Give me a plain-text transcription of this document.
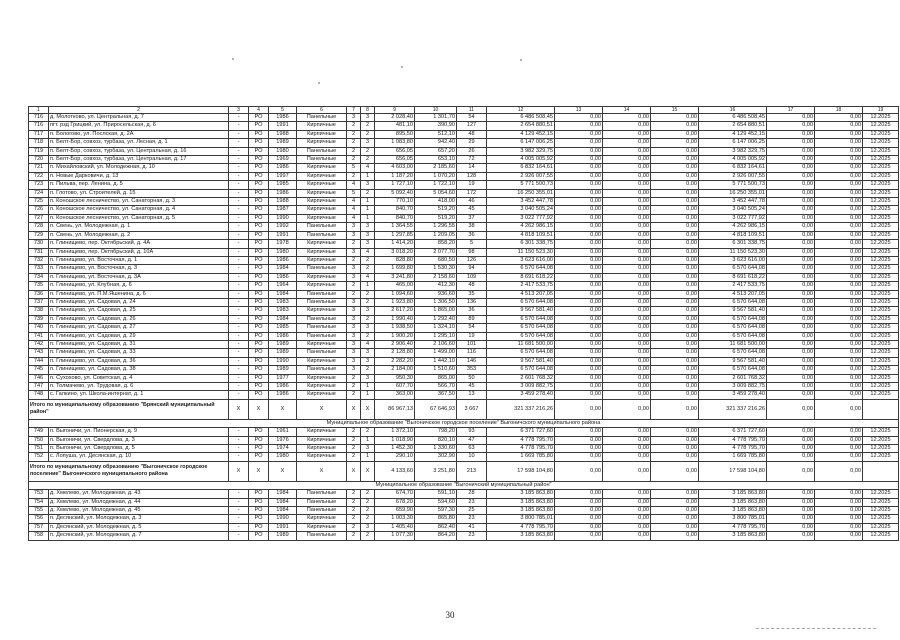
1	2	3	4	5	6	7	8	9	10	11	12	13	14	15	16	17	18	19
716	д. Молотково, ул. Центральная, д. 7	-	РО	1986	Панельные	3	3	2 028,40	1 301,70	54	6 486 508,45	0,00	0,00	0,00	6 486 508,45	0,00	0,00	12.2025
716	пгт. рзд Грицкий, ул. Приросельская, д. 6	-	РО	1991	Кирпичные	2	2	481,10	390,90	127	2 654 880,51	0,00	0,00	0,00	2 654 880,51	0,00	0,00	12.2025
717	п. Бологово, ул. Послская, д. 2А	-	РО	1988	Кирпичные	2	2	895,50	512,10	48	4 129 452,15	0,00	0,00	0,00	4 129 452,15	0,00	0,00	12.2025
718	п. Белт-Бор, совхоз, турбаза, ул. Лесная, д. 1	-	РО	1989	Кирпичные	2	3	1 083,80	942,40	29	6 147 006,25	0,00	0,00	0,00	6 147 006,25	0,00	0,00	12.2025
719	п. Белт-Бор, совхоз, турбаза, ул. Центральная, д. 16	-	РО	1980	Панельные	2	2	656,05	657,20	26	3 982 329,75	0,00	0,00	0,00	3 982 329,75	0,00	0,00	12.2025
720	п. Белт-Бор, совхоз, турбаза, ул. Центральная, д. 17	-	РО	1969	Панельные	2	2	656,05	653,10	72	4 005 005,92	0,00	0,00	0,00	4 005 005,92	0,00	0,00	12.2025
721	п. Михайловский, ул. Молодежная, д. 10	-	РО	1986	Кирпичные	5	4	4 603,00	2 185,60	14	6 832 164,61	0,00	0,00	0,00	6 832 164,61	0,00	0,00	12.2025
722	п. Новые Дарковичи, д. 13	-	РО	1997	Кирпичные	2	1	1 187,20	1 070,20	128	2 926 007,55	0,00	0,00	0,00	2 926 007,55	0,00	0,00	12.2025
723	п. Пильва, пер. Ленина, д. 5	-	РО	1985	Кирпичные	4	3	1 727,10	1 722,10	19	5 771 500,73	0,00	0,00	0,00	5 771 500,73	0,00	0,00	12.2025
724	п. Глотово, ул. Строителей, д. 15	-	РО	1986	Кирпичные	5	2	5 092,40	5 054,60	172	16 250 355,01	0,00	0,00	0,00	16 250 355,01	0,00	0,00	12.2025
725	п. Коношское лесничество, ул. Санаторная, д. 3	-	РО	1988	Кирпичные	4	1	770,10	418,00	46	3 452 447,78	0,00	0,00	0,00	3 452 447,78	0,00	0,00	12.2025
726	п. Коношское лесничество, ул. Санаторная, д. 4	-	РО	1987	Кирпичные	4	1	840,70	519,20	45	3 040 505,24	0,00	0,00	0,00	3 040 505,24	0,00	0,00	12.2025
727	п. Коношское лесничество, ул. Санаторная, д. 5	-	РО	1990	Кирпичные	4	1	840,70	519,20	37	3 022 777,92	0,00	0,00	0,00	3 022 777,92	0,00	0,00	12.2025
728	п. Свень, ул. Молодежная, д. 1	-	РО	1992	Панельные	3	3	1 364,55	1 296,55	38	4 262 986,15	0,00	0,00	0,00	4 262 986,15	0,00	0,00	12.2025
729	п. Свень, ул. Молодежная, д. 2	-	РО	1991	Панельные	3	3	1 297,85	1 209,05	36	4 818 109,51	0,00	0,00	0,00	4 818 109,51	0,00	0,00	12.2025
730	п. Глинищево, пер. Октябрьский, д. 4А	-	РО	1978	Кирпичные	2	3	1 414,20	858,20	5	6 301 338,75	0,00	0,00	0,00	6 301 338,75	0,00	0,00	12.2025
731	п. Глинищево, пер. Октябрьский, д. 10А	-	РО	1980	Кирпичные	3	4	3 018,20	2 077,70	98	11 150 523,30	0,00	0,00	0,00	11 150 523,30	0,00	0,00	12.2025
732	п. Глинищево, ул. Восточная, д. 1	-	РО	1986	Кирпичные	2	2	828,80	680,50	126	3 623 616,00	0,00	0,00	0,00	3 623 616,00	0,00	0,00	12.2025
733	п. Глинищево, ул. Восточная, д. 3	-	РО	1984	Панельные	3	2	1 699,80	1 530,30	94	6 570 644,08	0,00	0,00	0,00	6 570 644,08	0,00	0,00	12.2025
734	п. Глинищево, ул. Восточная, д. 3А	-	РО	1986	Кирпичные	3	4	3 241,80	2 158,60	109	8 691 618,22	0,00	0,00	0,00	8 691 618,22	0,00	0,00	12.2025
735	п. Глинищево, ул. Клубная, д. 6	-	РО	1964	Кирпичные	2	1	465,00	412,30	48	2 417 533,75	0,00	0,00	0,00	2 417 533,75	0,00	0,00	12.2025
736	п. Глинищево, ул. П.М.Яшенина, д. 6	-	РО	1984	Панельные	2	2	1 094,60	936,60	35	4 513 207,05	0,00	0,00	0,00	4 513 207,05	0,00	0,00	12.2025
737	п. Глинищево, ул. Садовая, д. 24	-	РО	1983	Панельные	3	2	1 923,80	1 306,50	136	6 570 644,08	0,00	0,00	0,00	6 570 644,08	0,00	0,00	12.2025
738	п. Глинищево, ул. Садовая, д. 25	-	РО	1983	Кирпичные	3	3	2 617,20	1 865,00	36	9 567 581,40	0,00	0,00	0,00	9 567 581,40	0,00	0,00	12.2025
739	п. Глинищево, ул. Садовая, д. 26	-	РО	1984	Панельные	3	2	1 990,40	1 292,40	89	6 570 644,08	0,00	0,00	0,00	6 570 644,08	0,00	0,00	12.2025
740	п. Глинищево, ул. Садовая, д. 27	-	РО	1985	Панельные	3	3	1 938,50	1 324,10	54	6 570 644,08	0,00	0,00	0,00	6 570 644,08	0,00	0,00	12.2025
741	п. Глинищево, ул. Садовая, д. 29	-	РО	1986	Панельные	3	2	1 900,20	1 295,10	19	6 570 644,08	0,00	0,00	0,00	6 570 644,08	0,00	0,00	12.2025
742	п. Глинищево, ул. Садовая, д. 31	-	РО	1989	Кирпичные	3	4	2 906,40	2 106,60	101	11 681 500,00	0,00	0,00	0,00	11 681 500,00	0,00	0,00	12.2025
743	п. Глинищево, ул. Садовая, д. 33	-	РО	1989	Панельные	3	3	2 128,80	1 499,00	116	6 570 644,08	0,00	0,00	0,00	6 570 644,08	0,00	0,00	12.2025
744	п. Глинищево, ул. Садовая, д. 36	-	РО	1990	Кирпичные	3	3	2 282,20	1 442,10	146	9 567 581,40	0,00	0,00	0,00	9 567 581,40	0,00	0,00	12.2025
745	п. Глинищево, ул. Садовая, д. 38	-	РО	1989	Панельные	3	2	2 184,00	1 510,60	353	6 570 644,08	0,00	0,00	0,00	6 570 644,08	0,00	0,00	12.2025
746	п. Сухохово, ул. Советская, д. 4	-	РО	1977	Кирпичные	2	3	950,30	865,00	50	2 601 768,32	0,00	0,00	0,00	2 601 768,32	0,00	0,00	12.2025
747	п. Толмачево, ул. Трудовая, д. 6	-	РО	1986	Кирпичные	2	1	607,70	566,70	45	3 009 882,75	0,00	0,00	0,00	3 009 882,75	0,00	0,00	12.2025
748	с. Галкино, ул. Школа-интернат, д. 1	-	РО	1986	Кирпичные	2	1	363,00	367,50	13	3 459 278,40	0,00	0,00	0,00	3 459 278,40	0,00	0,00	12.2025
Итого по муниципальному образованию "Брянский муниципальный район"		X	X	X	X	X	X	86 967,13	67 646,93	3 667	321 337 216,26	0,00	0,00	0,00	321 337 216,26	0,00	0,00	
Муниципальное образование "Выгоничское городское поселение" Выгоничского муниципального района																		
749	п. Выгоничи, ул. Пионерская, д. 9	-	РО	1961	Кирпичные	2	2	1 372,10	798,20	93	6 371 727,60	0,00	0,00	0,00	6 371 727,60	0,00	0,00	12.2025
750	п. Выгоничи, ул. Свердлова, д. 3	-	РО	1976	Кирпичные	2	1	1 018,90	820,10	47	4 778 795,70	0,00	0,00	0,00	4 778 795,70	0,00	0,00	12.2025
751	п. Выгоничи, ул. Свердлова, д. 5	-	РО	1974	Кирпичные	2	3	1 452,30	1 330,60	63	4 778 795,70	0,00	0,00	0,00	4 778 795,70	0,00	0,00	12.2025
752	с. Лопуша, ул. Десянская, д. 10	-	РО	1980	Кирпичные	2	1	290,10	302,90	10	1 669 785,80	0,00	0,00	0,00	1 669 785,80	0,00	0,00	12.2025
Итого по муниципальному образованию "Выгоничское городское поселение" Выгоничского муниципального района		X	X	X	X	X	X	4 133,60	3 251,80	213	17 598 104,80	0,00	0,00	0,00	17 598 104,80	0,00	0,00	
Муниципальное образование "Выгоничский муниципальный район"																		
753	д. Хмелево, ул. Молодежная, д. 43	-	РО	1984	Панельные	2	2	674,70	591,10	28	3 185 863,80	0,00	0,00	0,00	3 185 863,80	0,00	0,00	12.2025
754	д. Хмелево, ул. Молодежная, д. 44	-	РО	1984	Панельные	2	2	678,20	594,60	23	3 185 863,80	0,00	0,00	0,00	3 185 863,80	0,00	0,00	12.2025
755	д. Хмелево, ул. Молодежная, д. 45	-	РО	1984	Панельные	2	2	659,90	597,30	25	3 185 863,80	0,00	0,00	0,00	3 185 863,80	0,00	0,00	12.2025
756	п. Десянский, ул. Молодежная, д. 3	-	РО	1990	Кирпичные	2	2	1 003,30	865,80	23	3 800 785,01	0,00	0,00	0,00	3 800 785,01	0,00	0,00	12.2025
757	п. Десянский, ул. Молодежная, д. 5	-	РО	1991	Кирпичные	2	3	1 405,40	862,40	41	4 778 795,70	0,00	0,00	0,00	4 778 795,70	0,00	0,00	12.2025
758	п. Десянский, ул. Молодежная, д. 7	-	РО	1989	Панельные	2	2	1 077,30	864,20	23	3 185 863,80	0,00	0,00	0,00	3 185 863,80	0,00	0,00	12.2025
30
